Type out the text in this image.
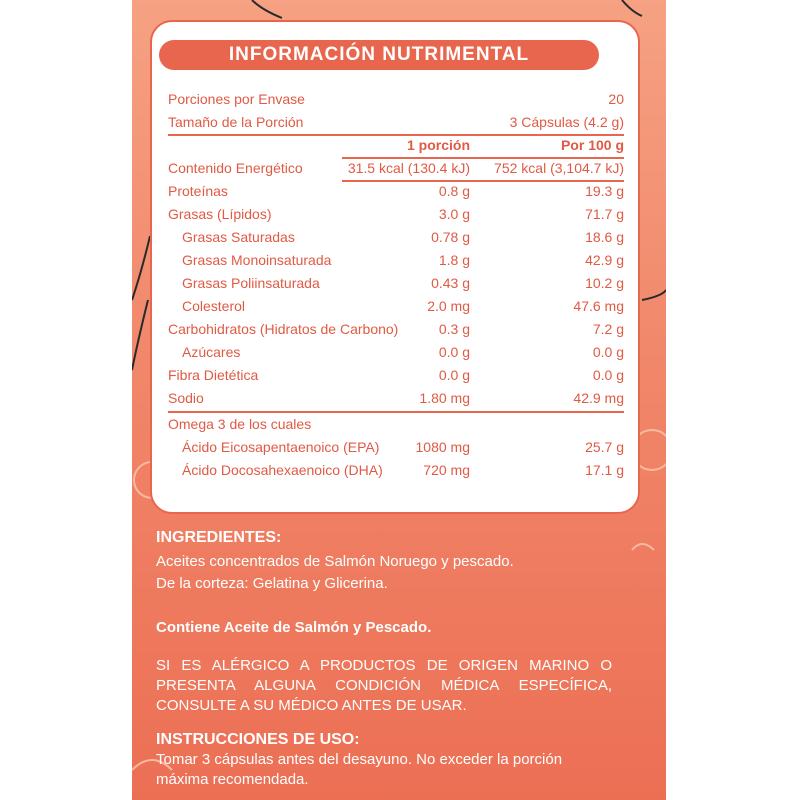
INFORMACIÓN NUTRIMENTAL
Porciones por Envase	20
Tamaño de la Porción	3 Cápsulas (4.2 g)
1 porción	Por 100 g
Contenido Energético	31.5 kcal (130.4 kJ) 752 kcal (3,104.7 kJ)
Proteínas	0.8 g	19.3 g
Grasas (Lípidos)	3.0 g	71.7 g
Grasas Saturadas	0.78 g	18.6 g
Grasas Monoinsaturada	1.8 g	42.9 g
Grasas Poliinsaturada	0.43 g	10.2 g
Colesterol	2.0 mg	47.6 mg
Carbohidratos (Hidratos de Carbono)	0.3 g	7.2 g
Azúcares	0.0 g	0.0 g
Fibra Dietética	0.0 g	0.0 g
Sodio	1.80 mg	42.9 mg
Omega 3 de los cuales
Ácido Eicosapentaenoico (EPA)	1080 mg	25.7 g
Ácido Docosahexaenoico (DHA)	720 mg	17.1 g
INGREDIENTES:
Aceites concentrados de Salmón Noruego y pescado.
De la corteza: Gelatina y Glicerina.
Contiene Aceite de Salmón y Pescado.
SI ES ALÉRGICO A PRODUCTOS DE ORIGEN MARINO O
PRESENTA ALGUNA CONDICIÓN MÉDICA ESPECÍFICA,
CONSULTE A SU MÉDICO ANTES DE USAR.
INSTRUCCIONES DE USO:
Tomar 3 cápsulas antes del desayuno. No exceder la porción
máxima recomendada.
